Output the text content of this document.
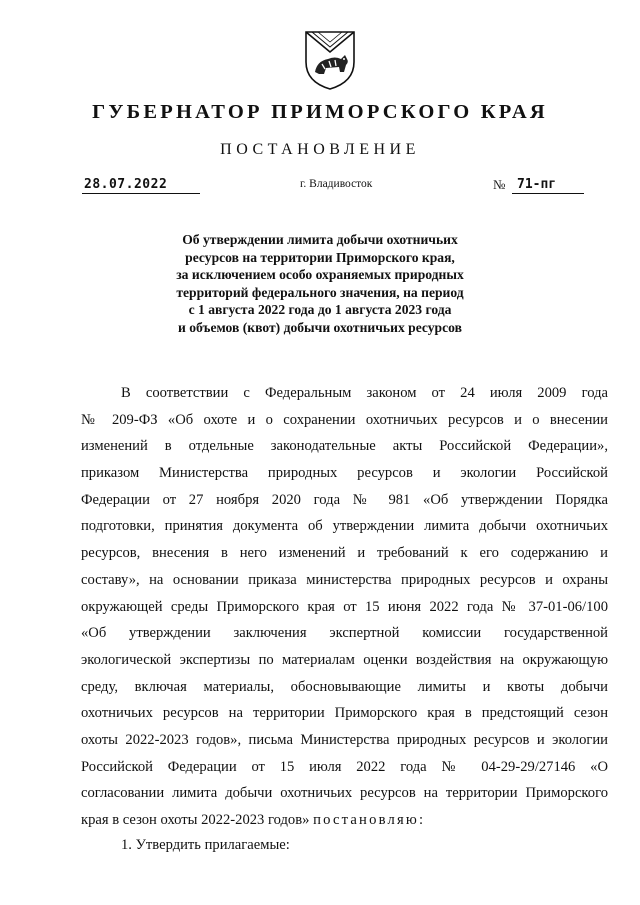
ГУБЕРНАТОР ПРИМОРСКОГО КРАЯ
ПОСТАНОВЛЕНИЕ
28.07.2022	г. Владивосток	№ 71-пг
Об утверждении лимита добычи охотничьих
ресурсов на территории Приморского края,
за исключением особо охраняемых природных
территорий федерального значения, на период
с 1 августа 2022 года до 1 августа 2023 года
и объемов (квот) добычи охотничьих ресурсов
В соответствии с Федеральным законом от 24 июля 2009 года
№ 209-ФЗ «Об охоте и о сохранении охотничьих ресурсов и о внесении
изменений в отдельные законодательные акты Российской Федерации»,
приказом Министерства природных ресурсов и экологии Российской
Федерации от 27 ноября 2020 года № 981 «Об утверждении Порядка
подготовки, принятия документа об утверждении лимита добычи охотничьих
ресурсов, внесения в него изменений и требований к его содержанию и
составу», на основании приказа министерства природных ресурсов и охраны
окружающей среды Приморского края от 15 июня 2022 года № 37-01-06/100
«Об утверждении заключения экспертной комиссии государственной
экологической экспертизы по материалам оценки воздействия на окружающую
среду, включая материалы, обосновывающие лимиты и квоты добычи
охотничьих ресурсов на территории Приморского края в предстоящий сезон
охоты 2022-2023 годов», письма Министерства природных ресурсов и экологии
Российской Федерации от 15 июля 2022 года № 04-29-29/27146 «О
согласовании лимита добычи охотничьих ресурсов на территории Приморского
края в сезон охоты 2022-2023 годов» постановляю:
1. Утвердить прилагаемые:
